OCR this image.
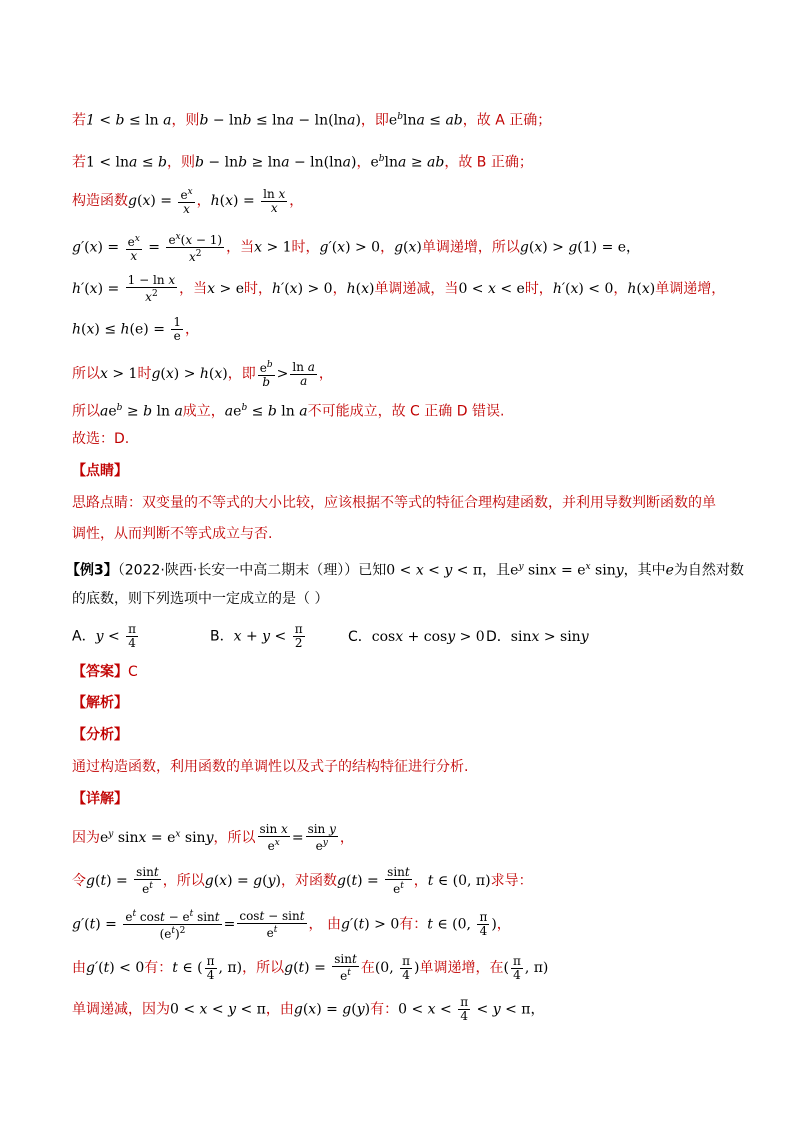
若1 < b ≤ ln a，则b − lnb ≤ lna − ln(lna)，即$e^b\ln a$ ≤ ab，故 A 正确；
若1 < lna ≤ b，则b − lnb ≥ lna − ln(lna)，$e^b\ln a$ ≥ ab，故 B 正确；
构造函数$g(x) = \frac{e^x}{x}$ ，$h(x) = \frac{\text{ln x}}{x}$ ，
$g'(x) = \frac{e^x}{x} = \frac{e^x(x - 1)}{x^2}$ ，当x > 1时，g′(x) > 0，g(x)单调递增，所以g(x) > g(1) = e，
$h'(x) = \frac{\text{1 − ln x}}{x^2}$ ，当x > e时，h′(x) > 0，h(x)单调递减，当0 < x < e时，h′(x) < 0，h(x)单调递增，
$h(x) \le h(e) = \frac{1}{e}$ ，
所以x > 1时g(x) > h(x)，即 $\frac{e^b}{b} > \frac{\text{ln a}}{a}$ ，
所以$ae^b \ge b$ ln a成立，$ae^b \le b$ ln a不可能成立，故 C 正确 D 错误.
故选：D.
【点睛】
思路点睛：双变量的不等式的大小比较，应该根据不等式的特征合理构建函数，并利用导数判断函数的单
调性，从而判断不等式成立与否.
【例3】（2022·陕西·长安一中高二期末（理））已知0 < x < y < π，且$e^y$ $\sin x = e^x$ siny，其中e为自然对数
的底数，则下列选项中一定成立的是（ ）
A．$y < \frac{\pi}{4}$	B．$x + y < \frac{\pi}{2}$	C．cosx + cosy > 0D．sinx > siny
【答案】C
【解析】
【分析】
通过构造函数，利用函数的单调性以及式子的结构特征进行分析.
【详解】
因为$e^y$ $\sin x = e^x$ siny，所以 $\frac{\text{sin x}}{e^x} = \frac{\text{sin y}}{e^y}$ ，
令$g(t) = \frac{\sin t}{e^t}$ ，所以g(x) = g(y)，对函数$g(t) = \frac{\sin t}{e^t}$ ，t ∈ (0, π)求导：
$g'(t) = \frac{e^t \cos t - e^t \sin t}{(e^t)^2} = \frac{\cos t - \sin t}{e^t}$ ， 由g′(t) > 0有：t ∈ (0, $\frac{\pi}{4}$ )，
由g′(t) < 0有：t ∈ ( $\frac{\pi}{4}$ , π)，所以$g(t) = \frac{\sin t}{e^t}$ 在(0, $\frac{\pi}{4}$ )单调递增，在( $\frac{\pi}{4}$ , π)
单调递减，因为0 < x < y < π，由g(x) = g(y)有：$0 < x < \frac{\pi}{4} < y < \pi$，
